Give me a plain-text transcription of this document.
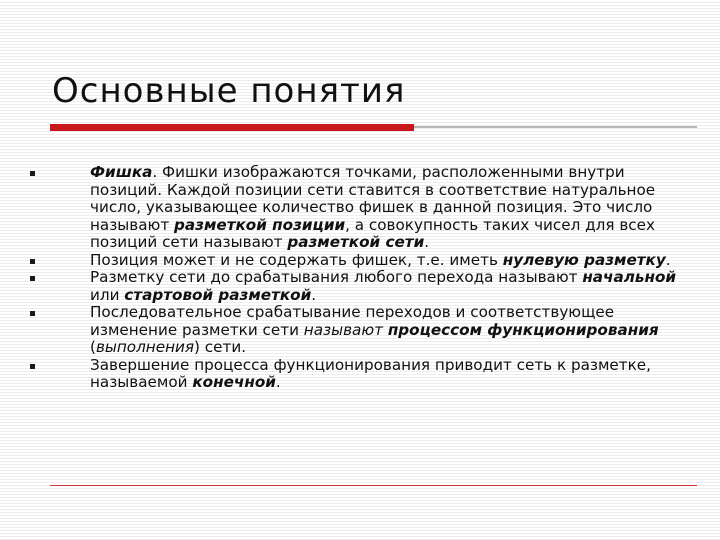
Основные понятия
Фишка. Фишки изображаются точками, расположенными внутри позиций. Каждой позиции сети ставится в соответствие натуральное число, указывающее количество фишек в данной позиция. Это число называют разметкой позиции, а совокупность таких чисел для всех позиций сети называют разметкой сети.
Позиция может и не содержать фишек, т.е. иметь нулевую разметку.
Разметку сети до срабатывания любого перехода называют начальной или стартовой разметкой.
Последовательное срабатывание переходов и соответствующее изменение разметки сети называют процессом функционирования (выполнения) сети.
Завершение процесса функционирования приводит сеть к разметке, называемой конечной.
